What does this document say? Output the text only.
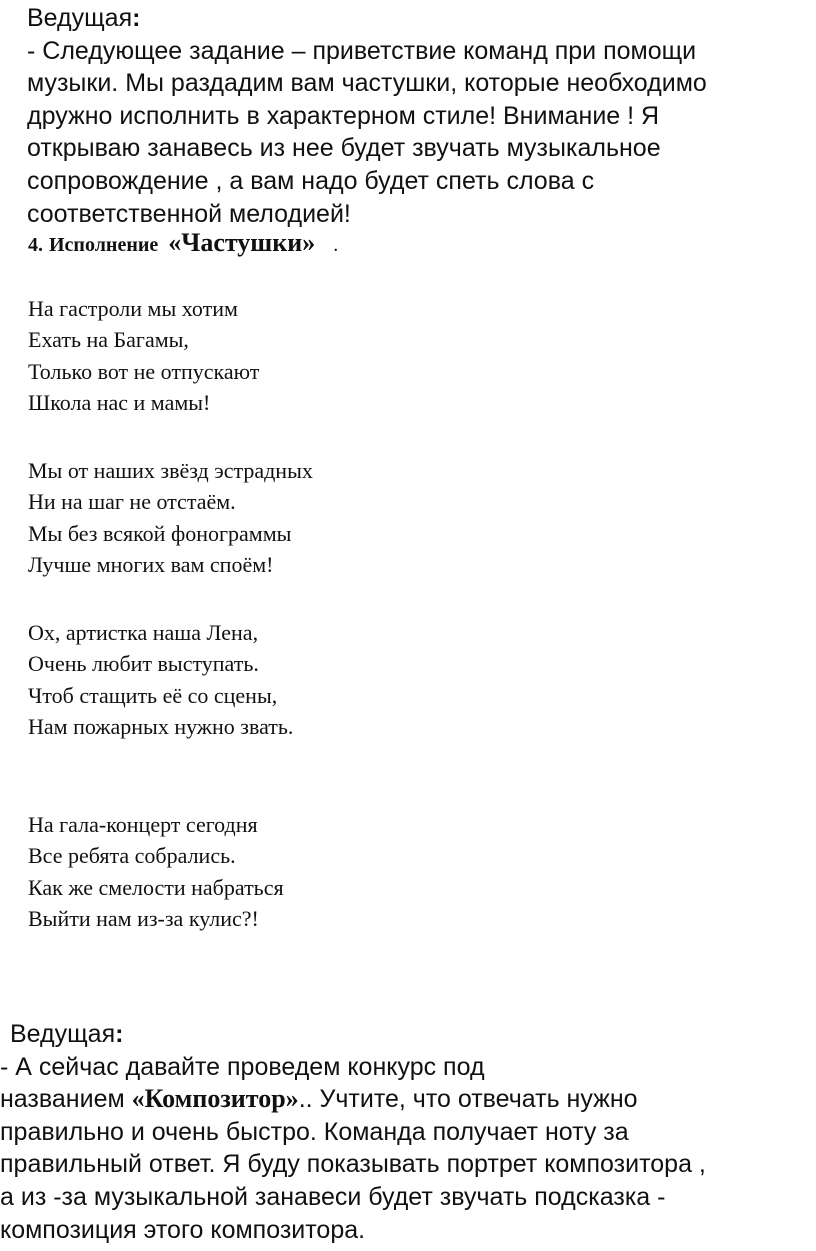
Ведущая:
- Следующее задание – приветствие команд при помощи
музыки. Мы раздадим вам частушки, которые необходимо
дружно исполнить в характерном стиле! Внимание ! Я
открываю занавесь из нее будет звучать музыкальное
сопровождение , а вам надо будет спеть слова с
соответственной мелодией!
4. Исполнение «Частушки» .
На гастроли мы хотим
Ехать на Багамы,
Только вот не отпускают
Школа нас и мамы!
Мы от наших звёзд эстрадных
Ни на шаг не отстаём.
Мы без всякой фонограммы
Лучше многих вам споём!
Ох, артистка наша Лена,
Очень любит выступать.
Чтоб стащить её со сцены,
Нам пожарных нужно звать.
На гала-концерт сегодня
Все ребята собрались.
Как же смелости набраться
Выйти нам из-за кулис?!
Ведущая:
- А сейчас давайте проведем конкурс под
названием «Композитор».. Учтите, что отвечать нужно
правильно и очень быстро. Команда получает ноту за
правильный ответ. Я буду показывать портрет композитора ,
а из -за музыкальной занавеси будет звучать подсказка -
композиция этого композитора.
